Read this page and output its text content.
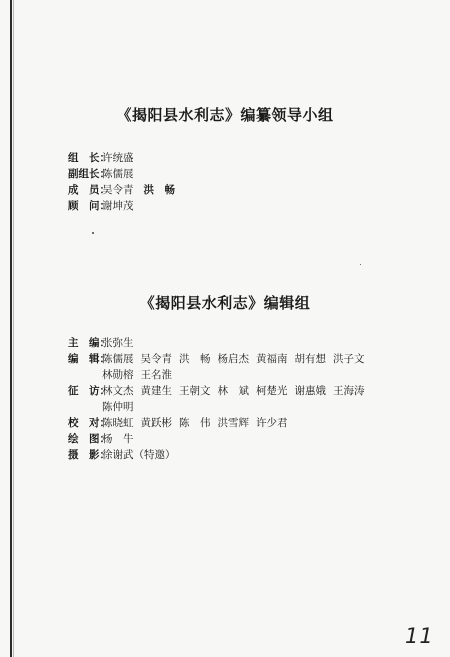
《揭阳县水利志》编纂领导小组
组　长：
许统盛
副组长：
陈儒展
成　员：
吴令青 洪　畅
顾　问：
谢坤茂
《揭阳县水利志》编辑组
主　编：
张弥生
编　辑：
陈儒展 吴令青 洪　畅 杨启杰 黄福南 胡有想 洪子文
林勋榕 王名淮
征　访：
林文杰 黄建生 王朝文 林　斌 柯楚光 谢惠娥 王海涛
陈仲明
校　对：
陈晓虹 黄跃彬 陈　伟 洪雪辉 许少君
绘　图：
杨　牛
摄　影：
徐谢武（特邀）
11
